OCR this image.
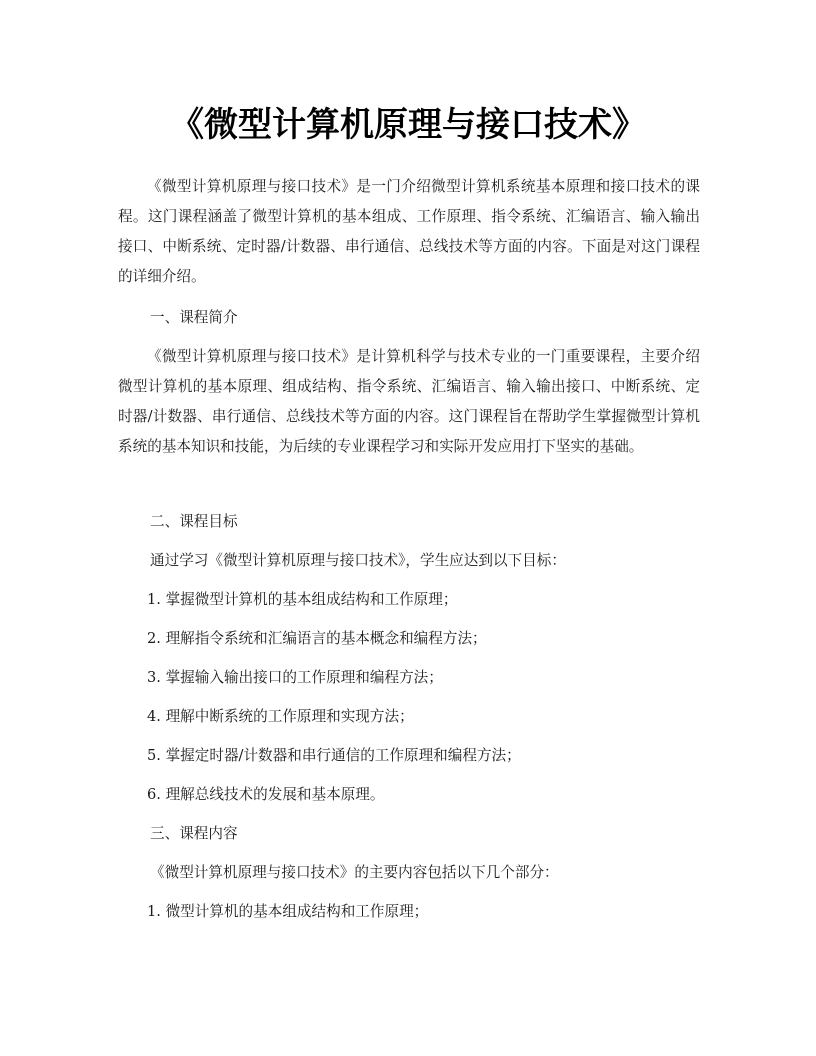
《微型计算机原理与接口技术》

《微型计算机原理与接口技术》是一门介绍微型计算机系统基本原理和接口技术的课程。这门课程涵盖了微型计算机的基本组成、工作原理、指令系统、汇编语言、输入输出接口、中断系统、定时器/计数器、串行通信、总线技术等方面的内容。下面是对这门课程的详细介绍。

一、课程简介

《微型计算机原理与接口技术》是计算机科学与技术专业的一门重要课程，主要介绍微型计算机的基本原理、组成结构、指令系统、汇编语言、输入输出接口、中断系统、定时器/计数器、串行通信、总线技术等方面的内容。这门课程旨在帮助学生掌握微型计算机系统的基本知识和技能，为后续的专业课程学习和实际开发应用打下坚实的基础。

二、课程目标

通过学习《微型计算机原理与接口技术》，学生应达到以下目标：

1. 掌握微型计算机的基本组成结构和工作原理；

2. 理解指令系统和汇编语言的基本概念和编程方法；

3. 掌握输入输出接口的工作原理和编程方法；

4. 理解中断系统的工作原理和实现方法；

5. 掌握定时器/计数器和串行通信的工作原理和编程方法；

6. 理解总线技术的发展和基本原理。

三、课程内容

《微型计算机原理与接口技术》的主要内容包括以下几个部分：

1. 微型计算机的基本组成结构和工作原理；
